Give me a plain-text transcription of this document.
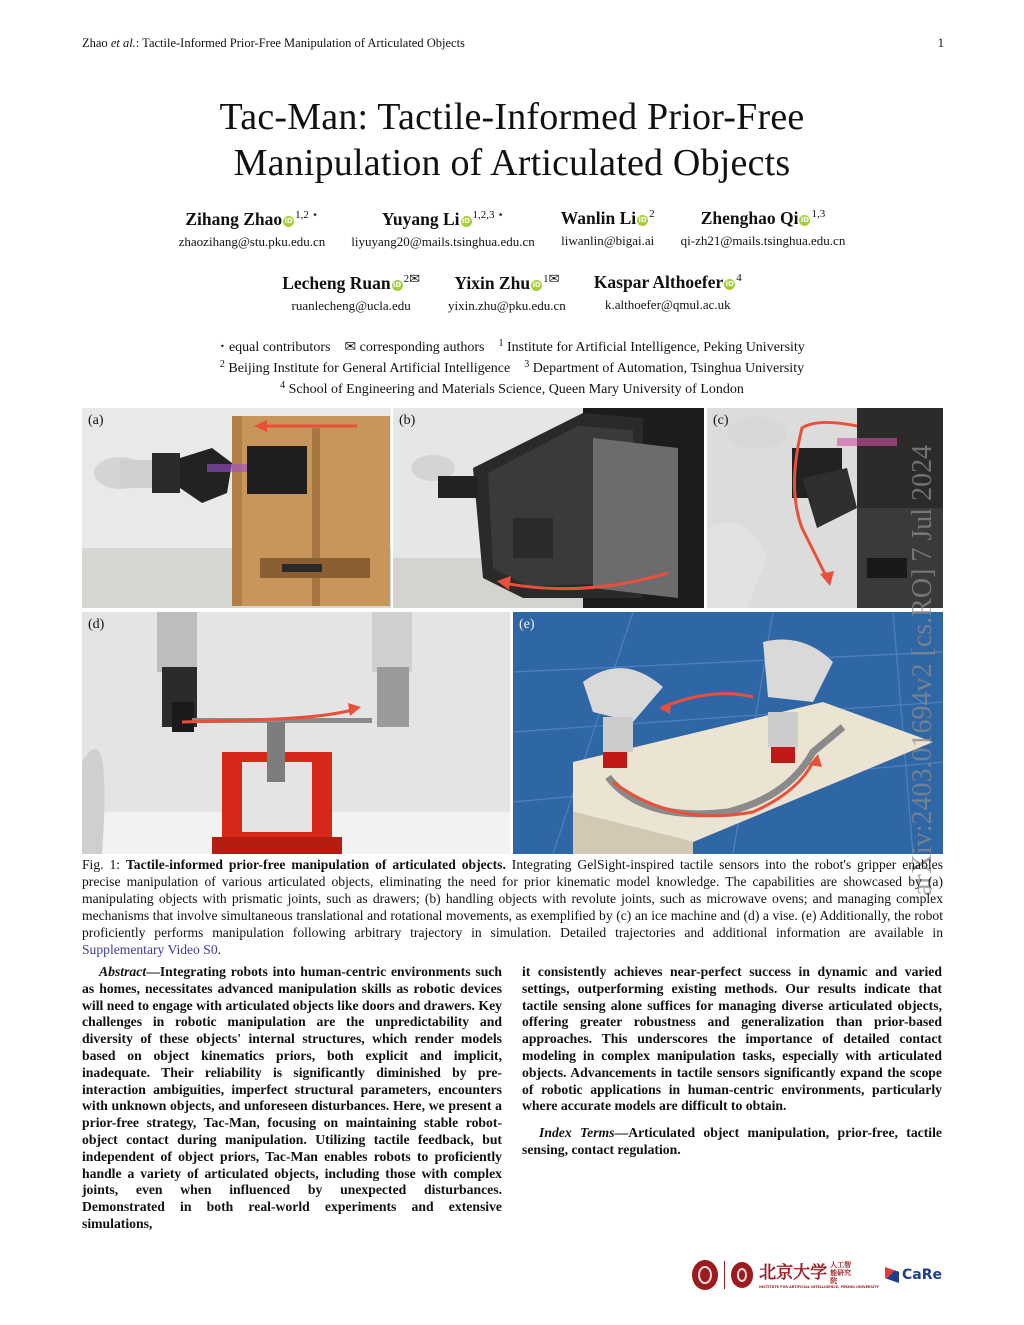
Zhao et al.: Tactile-Informed Prior-Free Manipulation of Articulated Objects	1
Tac-Man: Tactile-Informed Prior-Free
Manipulation of Articulated Objects
Zihang Zhao iD $^{1,2 ⋆}$
zhaozihang@stu.pku.edu.cn
Yuyang Li iD $^{1,2,3 ⋆}$
liyuyang20@mails.tsinghua.edu.cn
Wanlin Li iD $^2$
liwanlin@bigai.ai
Zhenghao Qi iD $^{1,3}$
qi-zh21@mails.tsinghua.edu.cn
Lecheng Ruan iD $^{2✉}$
ruanlecheng@ucla.edu
Yixin Zhu iD $^{1✉}$
yixin.zhu@pku.edu.cn
Kaspar Althoefer iD $^4$
k.althoefer@qmul.ac.uk
⋆ equal contributors ✉ corresponding authors $^1$ Institute for Artificial Intelligence, Peking University
$^2$ Beijing Institute for General Artificial Intelligence $^3$ Department of Automation, Tsinghua University
$^4$ School of Engineering and Materials Science, Queen Mary University of London
(a)	(b)	(c)
(d)	(e)	arXiv:2403.01694v2 [cs.RO] 7 Jul 2024
Fig. 1: Tactile-informed prior-free manipulation of articulated objects. Integrating GelSight-inspired tactile sensors into the robot's gripper enables precise manipulation of various articulated objects, eliminating the need for prior kinematic model knowledge. The capabilities are showcased by (a) manipulating objects with prismatic joints, such as drawers; (b) handling objects with revolute joints, such as microwave ovens; and managing complex mechanisms that involve simultaneous translational and rotational movements, as exemplified by (c) an ice machine and (d) a vise. (e) Additionally, the robot proficiently performs manipulation following arbitrary trajectory in simulation. Detailed trajectories and additional information are available in Supplementary Video S0.

Abstract—Integrating robots into human-centric environments such as homes, necessitates advanced manipulation skills as robotic devices will need to engage with articulated objects like doors and drawers. Key challenges in robotic manipulation are the unpredictability and diversity of these objects' internal structures, which render models based on object kinematics priors, both explicit and implicit, inadequate. Their reliability is significantly diminished by pre-interaction ambiguities, imperfect structural parameters, encounters with unknown objects, and unforeseen disturbances. Here, we present a prior-free strategy, Tac-Man, focusing on maintaining stable robot-object contact during manipulation. Utilizing tactile feedback, but independent of object priors, Tac-Man enables robots to proficiently handle a variety of articulated objects, including those with complex joints, even when influenced by unexpected disturbances. Demonstrated in both real-world experiments and extensive simulations,

it consistently achieves near-perfect success in dynamic and varied settings, outperforming existing methods. Our results indicate that tactile sensing alone suffices for managing diverse articulated objects, offering greater robustness and generalization than prior-based approaches. This underscores the importance of detailed contact modeling in complex manipulation tasks, especially with articulated objects. Advancements in tactile sensors significantly expand the scope of robotic applications in human-centric environments, particularly where accurate models are difficult to obtain.

Index Terms—Articulated object manipulation, prior-free, tactile sensing, contact regulation.

北京大学 人工智能研究院
INSTITUTE FOR ARTIFICIAL INTELLIGENCE, PEKING UNIVERSITY
CaRe
